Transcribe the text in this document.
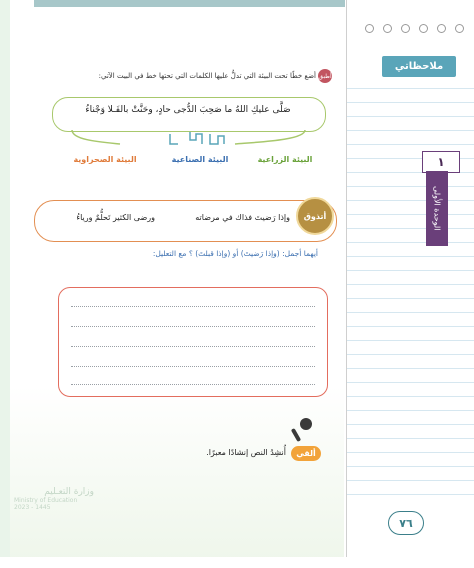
ملاحظاتي
١
الوحدة الأولى
أطبق
أضع خطًا تحت البيئة التي تدلُّ عليها الكلمات التي تحتها خط في البيت الآتي:
صَلَّى عليكِ اللهُ ما صَحِبَ الدُّجى حادٍ، وحَنَّتْ بالفَـلا وَجْناءُ
البيئة الزراعية
البيئة الصناعية
البيئة الصحراوية
أتذوق
وإذا رَضيتَ فذاك في مرضاته
ورضى الكثير تَحلُّمٌ ورياءُ
أيهما أجمل: (وإذا رَضيتَ) أو (وإذا قبلتَ) ؟ مع التعليل:
ألقي
أُنشِدُ النص إنشادًا معبرًا.
٧٦
وزارة التعـليم
Ministry of Education
2023 - 1445
